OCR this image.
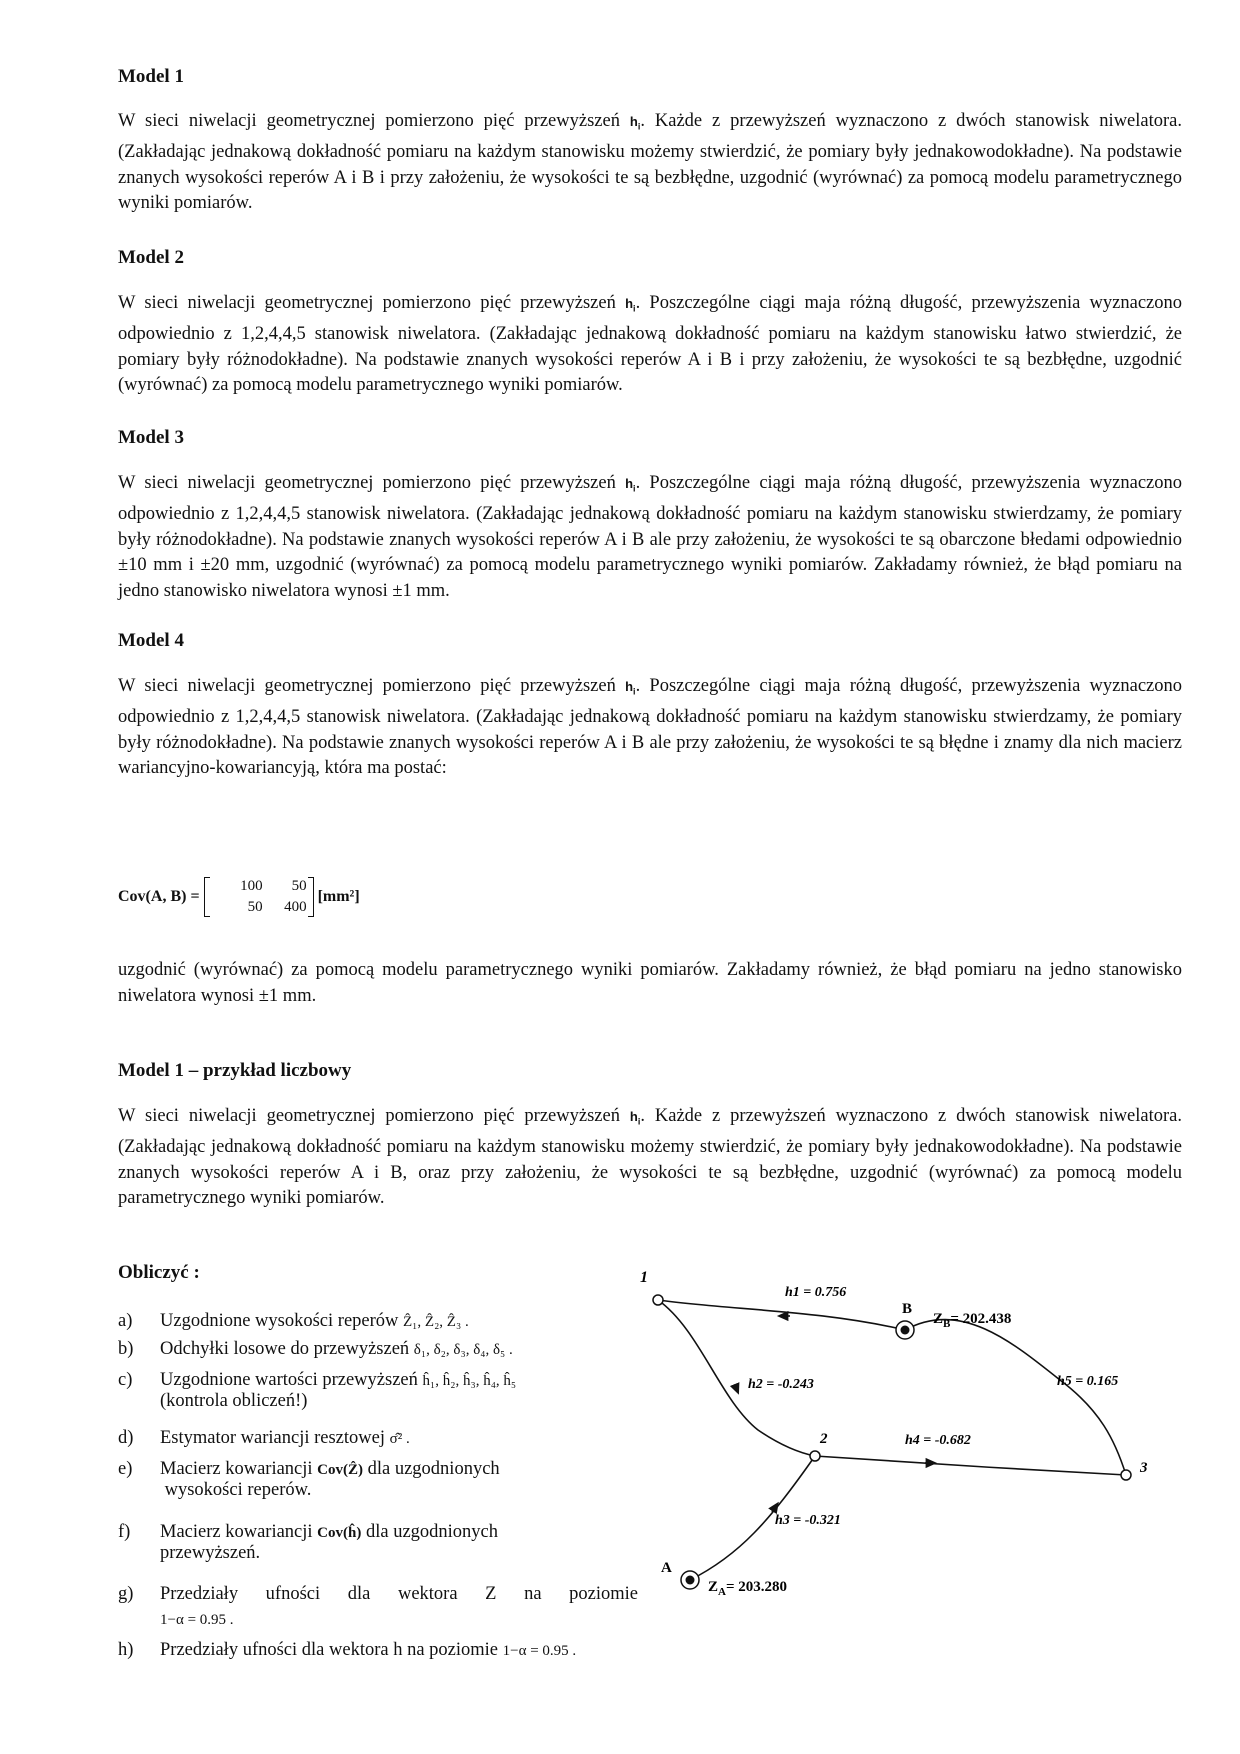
Model 1
W sieci niwelacji geometrycznej pomierzono pięć przewyższeń $h_i$. Każde z przewyższeń wyznaczono z dwóch stanowisk niwelatora. (Zakładając jednakową dokładność pomiaru na każdym stanowisku możemy stwierdzić, że pomiary były jednakowodokładne). Na podstawie znanych wysokości reperów A i B i przy założeniu, że wysokości te są bezbłędne, uzgodnić (wyrównać) za pomocą modelu parametrycznego wyniki pomiarów.
Model 2
W sieci niwelacji geometrycznej pomierzono pięć przewyższeń $h_i$. Poszczególne ciągi maja różną długość, przewyższenia wyznaczono odpowiednio z 1,2,4,4,5 stanowisk niwelatora. (Zakładając jednakową dokładność pomiaru na każdym stanowisku łatwo stwierdzić, że pomiary były różnodokładne). Na podstawie znanych wysokości reperów A i B i przy założeniu, że wysokości te są bezbłędne, uzgodnić (wyrównać) za pomocą modelu parametrycznego wyniki pomiarów.
Model 3
W sieci niwelacji geometrycznej pomierzono pięć przewyższeń $h_i$. Poszczególne ciągi maja różną długość, przewyższenia wyznaczono odpowiednio z 1,2,4,4,5 stanowisk niwelatora. (Zakładając jednakową dokładność pomiaru na każdym stanowisku stwierdzamy, że pomiary były różnodokładne). Na podstawie znanych wysokości reperów A i B ale przy założeniu, że wysokości te są obarczone błedami odpowiednio ±10 mm i ±20 mm, uzgodnić (wyrównać) za pomocą modelu parametrycznego wyniki pomiarów. Zakładamy również, że błąd pomiaru na jedno stanowisko niwelatora wynosi ±1 mm.
Model 4
W sieci niwelacji geometrycznej pomierzono pięć przewyższeń $h_i$. Poszczególne ciągi maja różną długość, przewyższenia wyznaczono odpowiednio z 1,2,4,4,5 stanowisk niwelatora. (Zakładając jednakową dokładność pomiaru na każdym stanowisku stwierdzamy, że pomiary były różnodokładne). Na podstawie znanych wysokości reperów A i B ale przy założeniu, że wysokości te są błędne i znamy dla nich macierz wariancyjno-kowariancyją, która ma postać:
Cov(A, B) =
100	50
50	400
[mm²]
uzgodnić (wyrównać) za pomocą modelu parametrycznego wyniki pomiarów. Zakładamy również, że błąd pomiaru na jedno stanowisko niwelatora wynosi ±1 mm.
Model 1 – przykład liczbowy
W sieci niwelacji geometrycznej pomierzono pięć przewyższeń $h_i$. Każde z przewyższeń wyznaczono z dwóch stanowisk niwelatora. (Zakładając jednakową dokładność pomiaru na każdym stanowisku możemy stwierdzić, że pomiary były jednakowodokładne). Na podstawie znanych wysokości reperów A i B, oraz przy założeniu, że wysokości te są bezbłędne, uzgodnić (wyrównać) za pomocą modelu parametrycznego wyniki pomiarów.
Obliczyć :
a) Uzgodnione wysokości reperów Ẑ₁, Ẑ₂, Ẑ₃ .
b) Odchyłki losowe do przewyższeń δ₁, δ₂, δ₃, δ₄, δ₅ .
c) Uzgodnione wartości przewyższeń ĥ₁, ĥ₂, ĥ₃, ĥ₄, ĥ₅
(kontrola obliczeń!)
d) Estymator wariancji resztowej σ̂² .
e) Macierz kowariancji Cov(Ẑ) dla uzgodnionych
wysokości reperów.
f) Macierz kowariancji Cov(ĥ) dla uzgodnionych
przewyższeń.
g) Przedziały ufności dla wektora Z na poziomie
1−α = 0.95 .
h) Przedziały ufności dla wektora h na poziomie 1−α = 0.95 .
1
2
3
B
A
$Z_B= 202.438$
$Z_A= 203.280$
h1 = 0.756
h2 = -0.243
h3 = -0.321
h4 = -0.682
h5 = 0.165
